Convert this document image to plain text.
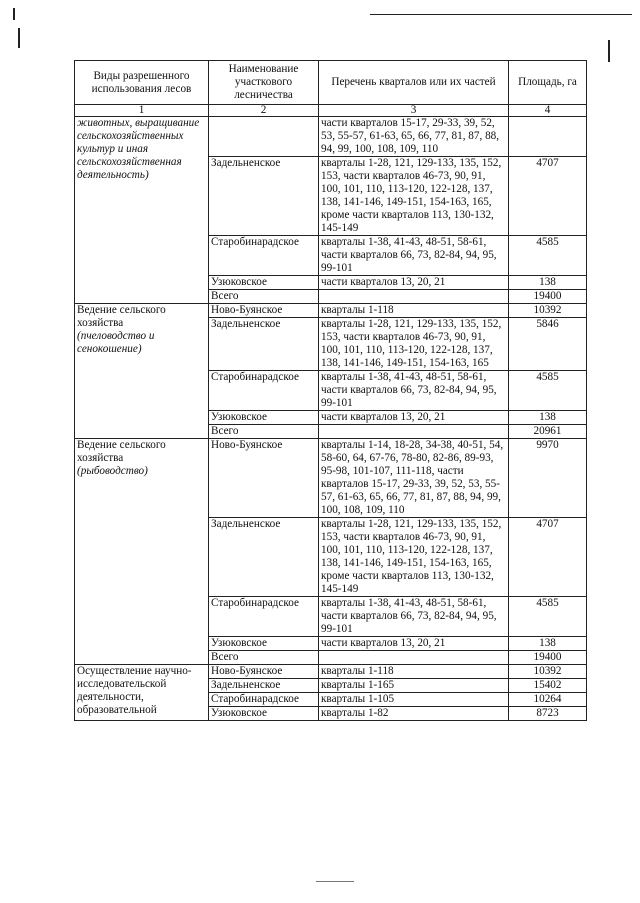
Виды разрешенного использования лесов	Наименование участкового лесничества	Перечень кварталов или их частей	Площадь, га
1	2	3	4

животных, выращивание сельскохозяйственных культур и иная сельскохозяйственная деятельность)		части кварталов 15-17, 29-33, 39, 52, 53, 55-57, 61-63, 65, 66, 77, 81, 87, 88, 94, 99, 100, 108, 109, 110	
	Задельненское	кварталы 1-28, 121, 129-133, 135, 152, 153, части кварталов 46-73, 90, 91, 100, 101, 110, 113-120, 122-128, 137, 138, 141-146, 149-151, 154-163, 165, кроме части кварталов 113, 130-132, 145-149	4707
	Старобинарадское	кварталы 1-38, 41-43, 48-51, 58-61, части кварталов 66, 73, 82-84, 94, 95, 99-101	4585
	Узюковское	части кварталов 13, 20, 21	138
	Всего		19400
Ведение сельского хозяйства
(пчеловодство и сенокошение)	Ново-Буянское	кварталы 1-118	10392
	Задельненское	кварталы 1-28, 121, 129-133, 135, 152, 153, части кварталов 46-73, 90, 91, 100, 101, 110, 113-120, 122-128, 137, 138, 141-146, 149-151, 154-163, 165	5846
	Старобинарадское	кварталы 1-38, 41-43, 48-51, 58-61, части кварталов 66, 73, 82-84, 94, 95, 99-101	4585
	Узюковское	части кварталов 13, 20, 21	138
	Всего		20961
Ведение сельского хозяйства
(рыбоводство)	Ново-Буянское	кварталы 1-14, 18-28, 34-38, 40-51, 54, 58-60, 64, 67-76, 78-80, 82-86, 89-93, 95-98, 101-107, 111-118, части кварталов 15-17, 29-33, 39, 52, 53, 55-57, 61-63, 65, 66, 77, 81, 87, 88, 94, 99, 100, 108, 109, 110	9970
	Задельненское	кварталы 1-28, 121, 129-133, 135, 152, 153, части кварталов 46-73, 90, 91, 100, 101, 110, 113-120, 122-128, 137, 138, 141-146, 149-151, 154-163, 165, кроме части кварталов 113, 130-132, 145-149	4707
	Старобинарадское	кварталы 1-38, 41-43, 48-51, 58-61, части кварталов 66, 73, 82-84, 94, 95, 99-101	4585
	Узюковское	части кварталов 13, 20, 21	138
	Всего		19400
Осуществление научно-исследовательской деятельности, образовательной	Ново-Буянское	кварталы 1-118	10392
	Задельненское	кварталы 1-165	15402
	Старобинарадское	кварталы 1-105	10264
	Узюковское	кварталы 1-82	8723
